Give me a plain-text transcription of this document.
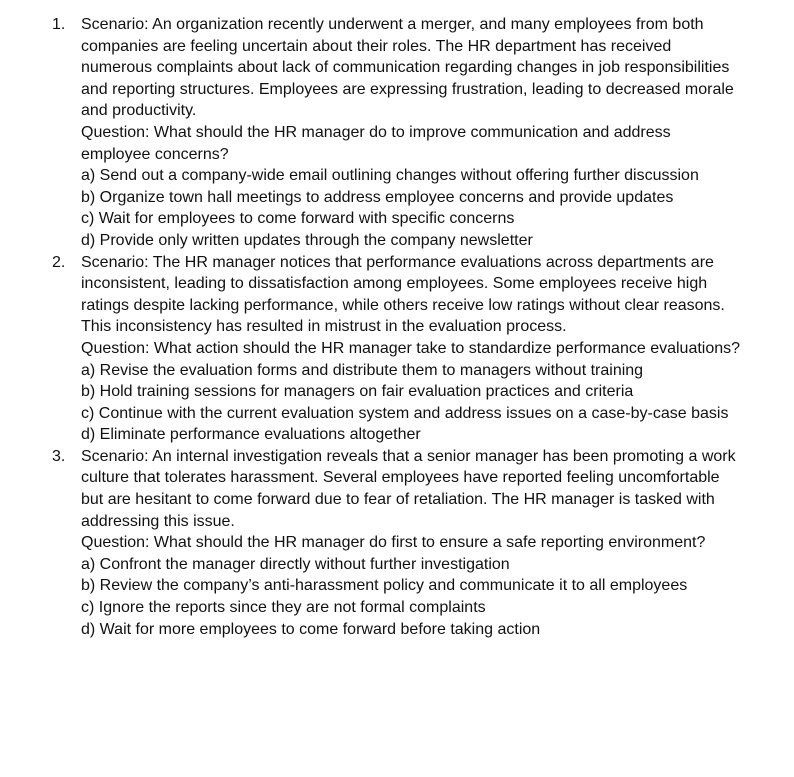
1. Scenario: An organization recently underwent a merger, and many employees from both companies are feeling uncertain about their roles. The HR department has received numerous complaints about lack of communication regarding changes in job responsibilities and reporting structures. Employees are expressing frustration, leading to decreased morale and productivity.
Question: What should the HR manager do to improve communication and address employee concerns?
a) Send out a company-wide email outlining changes without offering further discussion
b) Organize town hall meetings to address employee concerns and provide updates
c) Wait for employees to come forward with specific concerns
d) Provide only written updates through the company newsletter
2. Scenario: The HR manager notices that performance evaluations across departments are inconsistent, leading to dissatisfaction among employees. Some employees receive high ratings despite lacking performance, while others receive low ratings without clear reasons. This inconsistency has resulted in mistrust in the evaluation process.
Question: What action should the HR manager take to standardize performance evaluations?
a) Revise the evaluation forms and distribute them to managers without training
b) Hold training sessions for managers on fair evaluation practices and criteria
c) Continue with the current evaluation system and address issues on a case-by-case basis
d) Eliminate performance evaluations altogether
3. Scenario: An internal investigation reveals that a senior manager has been promoting a work culture that tolerates harassment. Several employees have reported feeling uncomfortable but are hesitant to come forward due to fear of retaliation. The HR manager is tasked with addressing this issue.
Question: What should the HR manager do first to ensure a safe reporting environment?
a) Confront the manager directly without further investigation
b) Review the company’s anti-harassment policy and communicate it to all employees
c) Ignore the reports since they are not formal complaints
d) Wait for more employees to come forward before taking action
